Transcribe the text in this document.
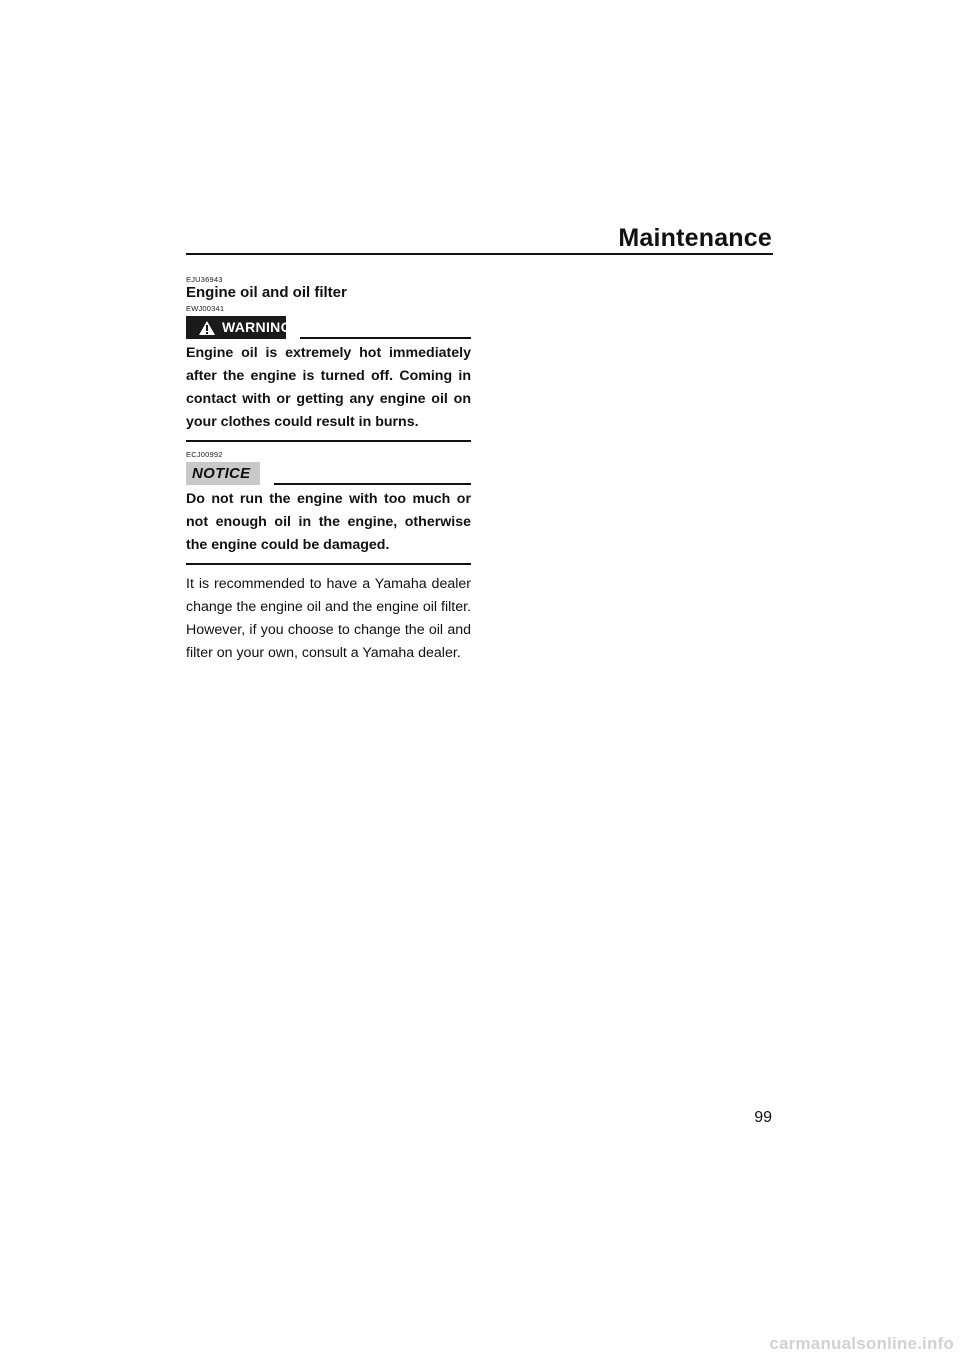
Maintenance
EJU36943
Engine oil and oil filter
EWJ00341
WARNING

Engine oil is extremely hot immediately after the engine is turned off. Coming in contact with or getting any engine oil on your clothes could result in burns.

ECJ00992
NOTICE

Do not run the engine with too much or not enough oil in the engine, otherwise the engine could be damaged.

It is recommended to have a Yamaha dealer change the engine oil and the engine oil filter. However, if you choose to change the oil and filter on your own, consult a Yamaha dealer.

99
carmanualsonline.info
